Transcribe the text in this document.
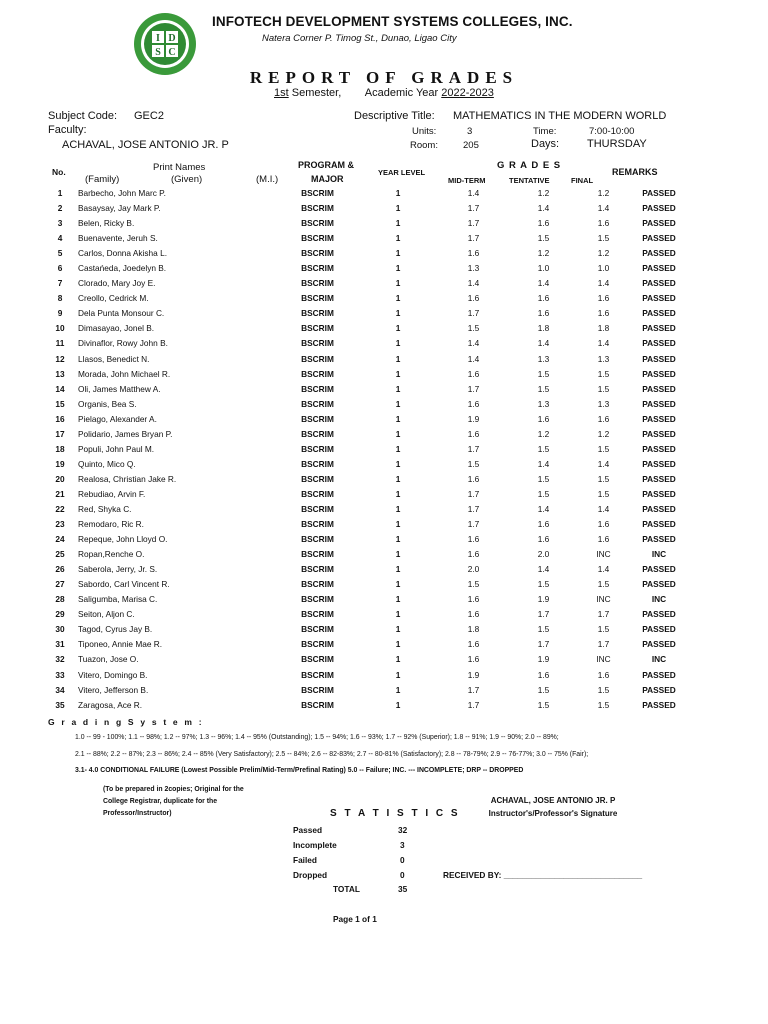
I D
S C
INFOTECH DEVELOPMENT SYSTEMS COLLEGES, INC.
Natera Corner P. Timog St., Dunao, Ligao City
REPORT OF GRADES
1st Semester, Academic Year 2022-2023
Subject Code: GEC2
Faculty:
ACHAVAL, JOSE ANTONIO JR. P
Descriptive Title: MATHEMATICS IN THE MODERN WORLD
Units:	3	Time:	7:00-10:00
Room:	205	Days:	THURSDAY
No.	Print Names
(Family)	(Given)	(M.I.)
PROGRAM &
MAJOR
YEAR LEVEL
G R A D E S
MID-TERM	TENTATIVE	FINAL
REMARKS
1	Barbecho, John Marc P.	BSCRIM	1	1.4	1.2	1.2	PASSED
2	Basaysay, Jay Mark P.	BSCRIM	1	1.7	1.4	1.4	PASSED
3	Belen, Ricky B.	BSCRIM	1	1.7	1.6	1.6	PASSED
4	Buenavente, Jeruh S.	BSCRIM	1	1.7	1.5	1.5	PASSED
5	Carlos, Donna Akisha L.	BSCRIM	1	1.6	1.2	1.2	PASSED
6	Castańeda, Joedelyn B.	BSCRIM	1	1.3	1.0	1.0	PASSED
7	Clorado, Mary Joy E.	BSCRIM	1	1.4	1.4	1.4	PASSED
8	Creollo, Cedrick M.	BSCRIM	1	1.6	1.6	1.6	PASSED
9	Dela Punta Monsour C.	BSCRIM	1	1.7	1.6	1.6	PASSED
10	Dimasayao, Jonel B.	BSCRIM	1	1.5	1.8	1.8	PASSED
11	Divinaflor, Rowy John B.	BSCRIM	1	1.4	1.4	1.4	PASSED
12	Llasos, Benedict N.	BSCRIM	1	1.4	1.3	1.3	PASSED
13	Morada, John Michael R.	BSCRIM	1	1.6	1.5	1.5	PASSED
14	Oli, James Matthew A.	BSCRIM	1	1.7	1.5	1.5	PASSED
15	Organis, Bea S.	BSCRIM	1	1.6	1.3	1.3	PASSED
16	Pielago, Alexander A.	BSCRIM	1	1.9	1.6	1.6	PASSED
17	Polidario, James Bryan P.	BSCRIM	1	1.6	1.2	1.2	PASSED
18	Populi, John Paul M.	BSCRIM	1	1.7	1.5	1.5	PASSED
19	Quinto, Mico Q.	BSCRIM	1	1.5	1.4	1.4	PASSED
20	Realosa, Christian Jake R.	BSCRIM	1	1.6	1.5	1.5	PASSED
21	Rebudiao, Arvin F.	BSCRIM	1	1.7	1.5	1.5	PASSED
22	Red, Shyka C.	BSCRIM	1	1.7	1.4	1.4	PASSED
23	Remodaro, Ric R.	BSCRIM	1	1.7	1.6	1.6	PASSED
24	Repeque, John Lloyd O.	BSCRIM	1	1.6	1.6	1.6	PASSED
25	Ropan,Renche O.	BSCRIM	1	1.6	2.0	INC	INC
26	Saberola, Jerry, Jr. S.	BSCRIM	1	2.0	1.4	1.4	PASSED
27	Sabordo, Carl Vincent R.	BSCRIM	1	1.5	1.5	1.5	PASSED
28	Saligumba, Marisa C.	BSCRIM	1	1.6	1.9	INC	INC
29	Seiton, Aljon C.	BSCRIM	1	1.6	1.7	1.7	PASSED
30	Tagod, Cyrus Jay B.	BSCRIM	1	1.8	1.5	1.5	PASSED
31	Tiponeo, Annie Mae R.	BSCRIM	1	1.6	1.7	1.7	PASSED
32	Tuazon, Jose O.	BSCRIM	1	1.6	1.9	INC	INC
33	Vitero, Domingo B.	BSCRIM	1	1.9	1.6	1.6	PASSED
34	Vitero, Jefferson B.	BSCRIM	1	1.7	1.5	1.5	PASSED
35	Zaragosa, Ace R.	BSCRIM	1	1.7	1.5	1.5	PASSED
G r a d i n g S y s t e m :
1.0 -- 99 - 100%; 1.1 -- 98%; 1.2 -- 97%; 1.3 -- 96%; 1.4 -- 95% (Outstanding); 1.5 -- 94%; 1.6 -- 93%; 1.7 -- 92% (Superior); 1.8 -- 91%; 1.9 -- 90%; 2.0 -- 89%;
2.1 -- 88%; 2.2 -- 87%; 2.3 -- 86%; 2.4 -- 85% (Very Satisfactory); 2.5 -- 84%; 2.6 -- 82-83%; 2.7 -- 80-81% (Satisfactory); 2.8 -- 78-79%; 2.9 -- 76-77%; 3.0 -- 75% (Fair);
3.1- 4.0 CONDITIONAL FAILURE (Lowest Possible Prelim/Mid-Term/Prefinal Rating) 5.0 -- Failure; INC. --- INCOMPLETE; DRP -- DROPPED
(To be prepared in 2copies; Original for the
College Registrar, duplicate for the
Professor/Instructor)	S T A T I S T I C S
Passed	32
Incomplete	3
Failed	0
Dropped	0
TOTAL	35
ACHAVAL, JOSE ANTONIO JR. P
Instructor's/Professor's Signature
RECEIVED BY: ______________________________
Page 1 of 1
